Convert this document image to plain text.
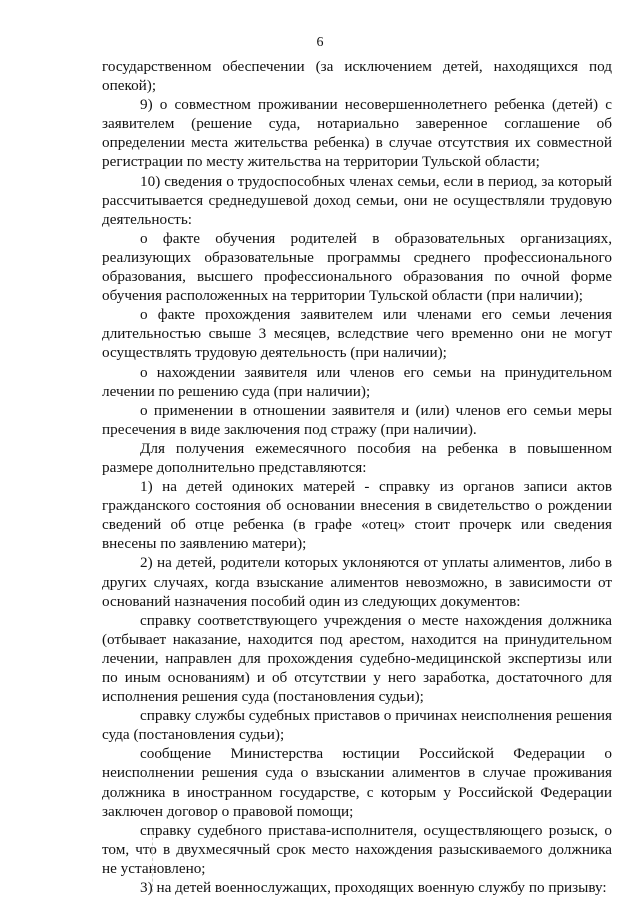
6

государственном обеспечении (за исключением детей, находящихся под опекой);

9) о совместном проживании несовершеннолетнего ребенка (детей) с заявителем (решение суда, нотариально заверенное соглашение об определении места жительства ребенка) в случае отсутствия их совместной регистрации по месту жительства на территории Тульской области;

10) сведения о трудоспособных членах семьи, если в период, за который рассчитывается среднедушевой доход семьи, они не осуществляли трудовую деятельность:

о факте обучения родителей в образовательных организациях, реализующих образовательные программы среднего профессионального образования, высшего профессионального образования по очной форме обучения расположенных на территории Тульской области (при наличии);

о факте прохождения заявителем или членами его семьи лечения длительностью свыше 3 месяцев, вследствие чего временно они не могут осуществлять трудовую деятельность (при наличии);

о нахождении заявителя или членов его семьи на принудительном лечении по решению суда (при наличии);

о применении в отношении заявителя и (или) членов его семьи меры пресечения в виде заключения под стражу (при наличии).

Для получения ежемесячного пособия на ребенка в повышенном размере дополнительно представляются:

1) на детей одиноких матерей - справку из органов записи актов гражданского состояния об основании внесения в свидетельство о рождении сведений об отце ребенка (в графе «отец» стоит прочерк или сведения внесены по заявлению матери);

2) на детей, родители которых уклоняются от уплаты алиментов, либо в других случаях, когда взыскание алиментов невозможно, в зависимости от оснований назначения пособий один из следующих документов:

справку соответствующего учреждения о месте нахождения должника (отбывает наказание, находится под арестом, находится на принудительном лечении, направлен для прохождения судебно-медицинской экспертизы или по иным основаниям) и об отсутствии у него заработка, достаточного для исполнения решения суда (постановления судьи);

справку службы судебных приставов о причинах неисполнения решения суда (постановления судьи);

сообщение Министерства юстиции Российской Федерации о неисполнении решения суда о взыскании алиментов в случае проживания должника в иностранном государстве, с которым у Российской Федерации заключен договор о правовой помощи;

справку судебного пристава-исполнителя, осуществляющего розыск, о том, что в двухмесячный срок место нахождения разыскиваемого должника не установлено;

3) на детей военнослужащих, проходящих военную службу по призыву:
